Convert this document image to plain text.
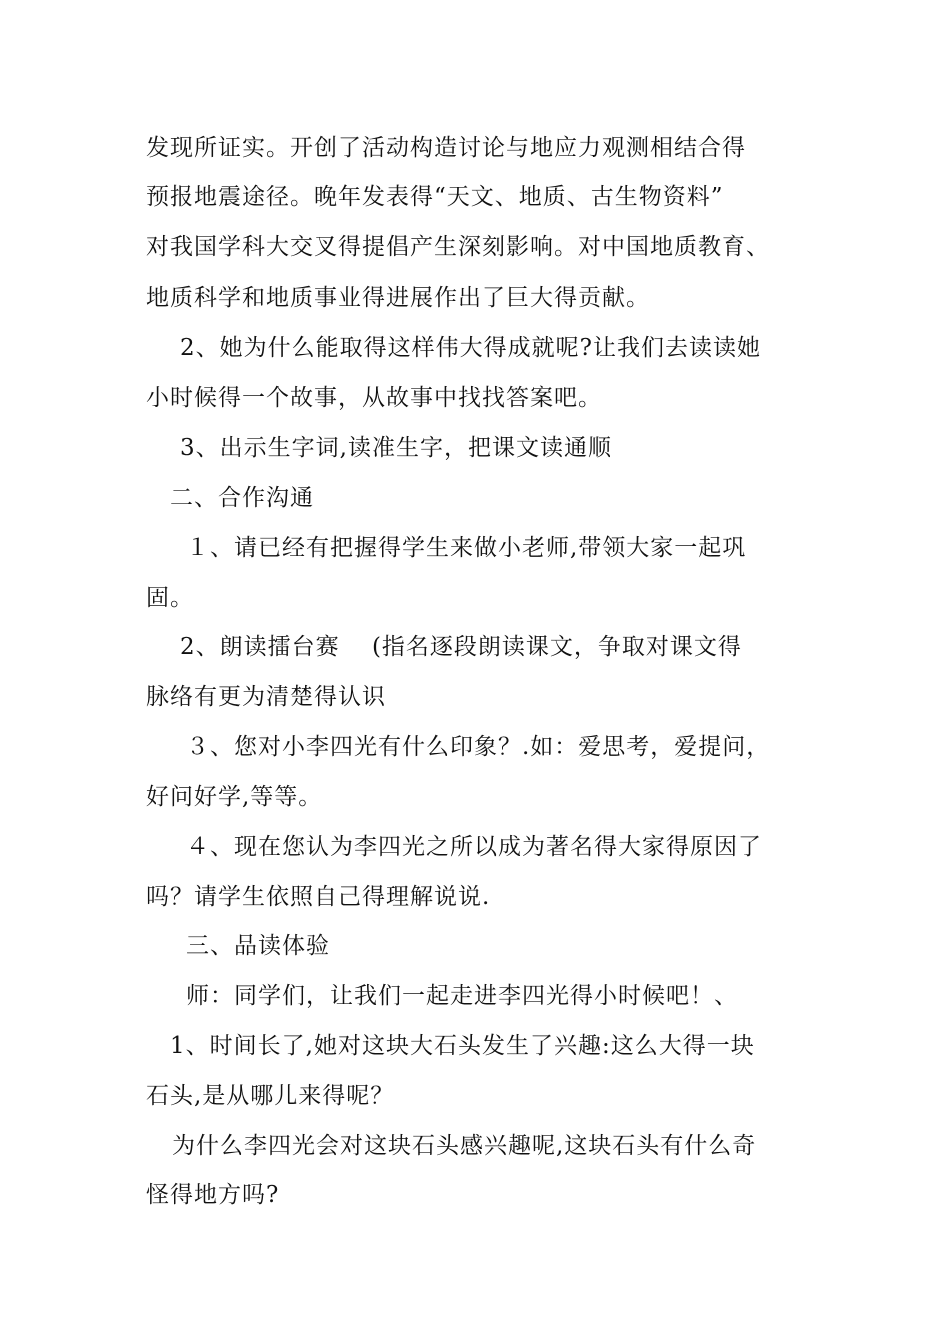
发现所证实。开创了活动构造讨论与地应力观测相结合得
预报地震途径。晚年发表得“天文、地质、古生物资料”
对我国学科大交叉得提倡产生深刻影响。对中国地质教育、
地质科学和地质事业得进展作出了巨大得贡献。
2、她为什么能取得这样伟大得成就呢?让我们去读读她
小时候得一个故事，从故事中找找答案吧。
3、出示生字词,读准生字，把课文读通顺
二、合作沟通
１、请已经有把握得学生来做小老师,带领大家一起巩
固。
2、朗读擂台赛　 (指名逐段朗读课文，争取对课文得
脉络有更为清楚得认识
３、您对小李四光有什么印象？.如：爱思考，爱提问，
好问好学,等等。
４、现在您认为李四光之所以成为著名得大家得原因了
吗？请学生依照自己得理解说说.
三、品读体验
师：同学们，让我们一起走进李四光得小时候吧！、
1、时间长了,她对这块大石头发生了兴趣:这么大得一块
石头,是从哪儿来得呢？
为什么李四光会对这块石头感兴趣呢,这块石头有什么奇
怪得地方吗?
